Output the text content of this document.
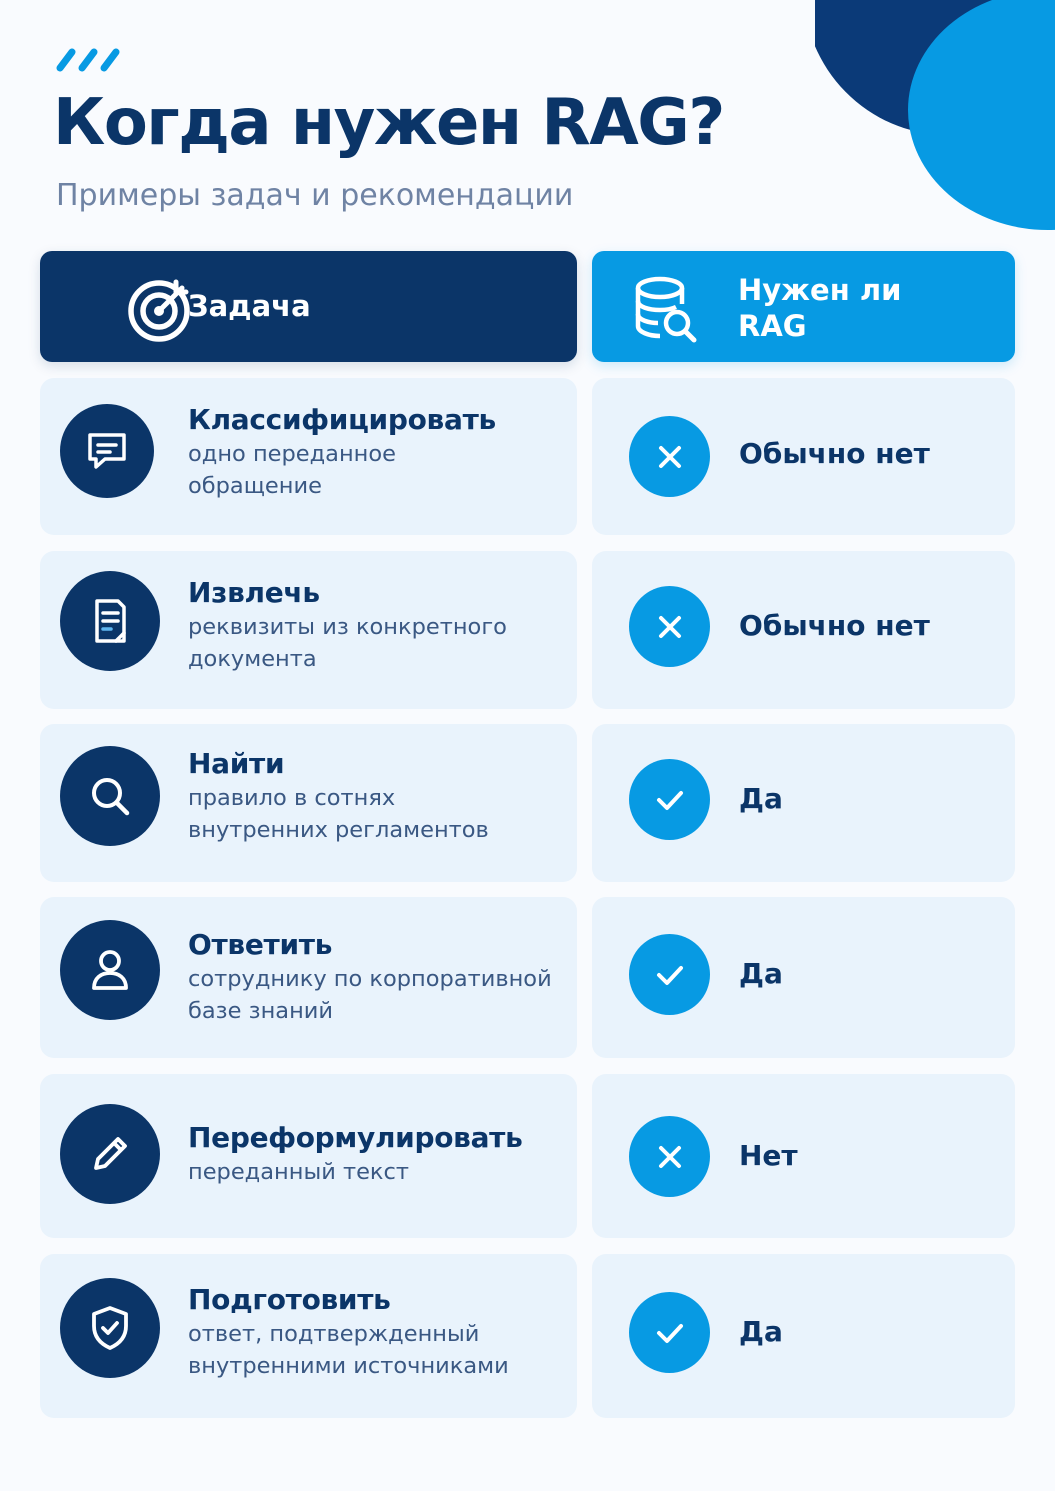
Когда нужен RAG?

Примеры задач и рекомендации

Задача	Нужен ли RAG
Классифицировать
одно переданное
обращение
Обычно нет
Извлечь
реквизиты из конкретного
документа
Обычно нет
Найти
правило в сотнях
внутренних регламентов
Да
Ответить
сотруднику по корпоративной
базе знаний
Да
Переформулировать
переданный текст	Нет
Подготовить
ответ, подтвержденный
внутренними источниками
Да
